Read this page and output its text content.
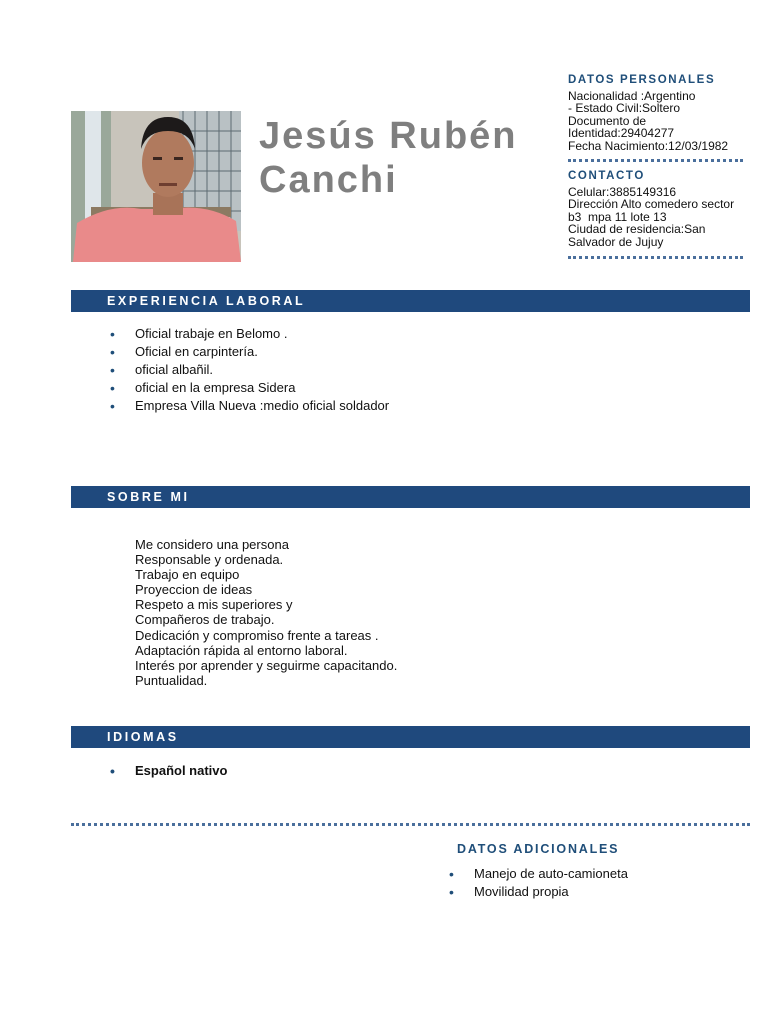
Jesús Rubén
Canchi
DATOS PERSONALES
Nacionalidad :Argentino
- Estado Civil:Soltero
Documento de
Identidad:29404277
Fecha Nacimiento:12/03/1982
CONTACTO
Celular:3885149316
Dirección Alto comedero sector
b3  mpa 11 lote 13
Ciudad de residencia:San
Salvador de Jujuy
EXPERIENCIA LABORAL
• Oficial trabaje en Belomo .
• Oficial en carpintería.
• oficial albañil.
• oficial en la empresa Sidera
• Empresa Villa Nueva :medio oficial soldador
SOBRE MI
Me considero una persona
Responsable y ordenada.
Trabajo en equipo
Proyeccion de ideas
Respeto a mis superiores y
Compañeros de trabajo.
Dedicación y compromiso frente a tareas .
Adaptación rápida al entorno laboral.
Interés por aprender y seguirme capacitando.
Puntualidad.
IDIOMAS
• Español nativo
DATOS ADICIONALES
• Manejo de auto-camioneta
• Movilidad propia
